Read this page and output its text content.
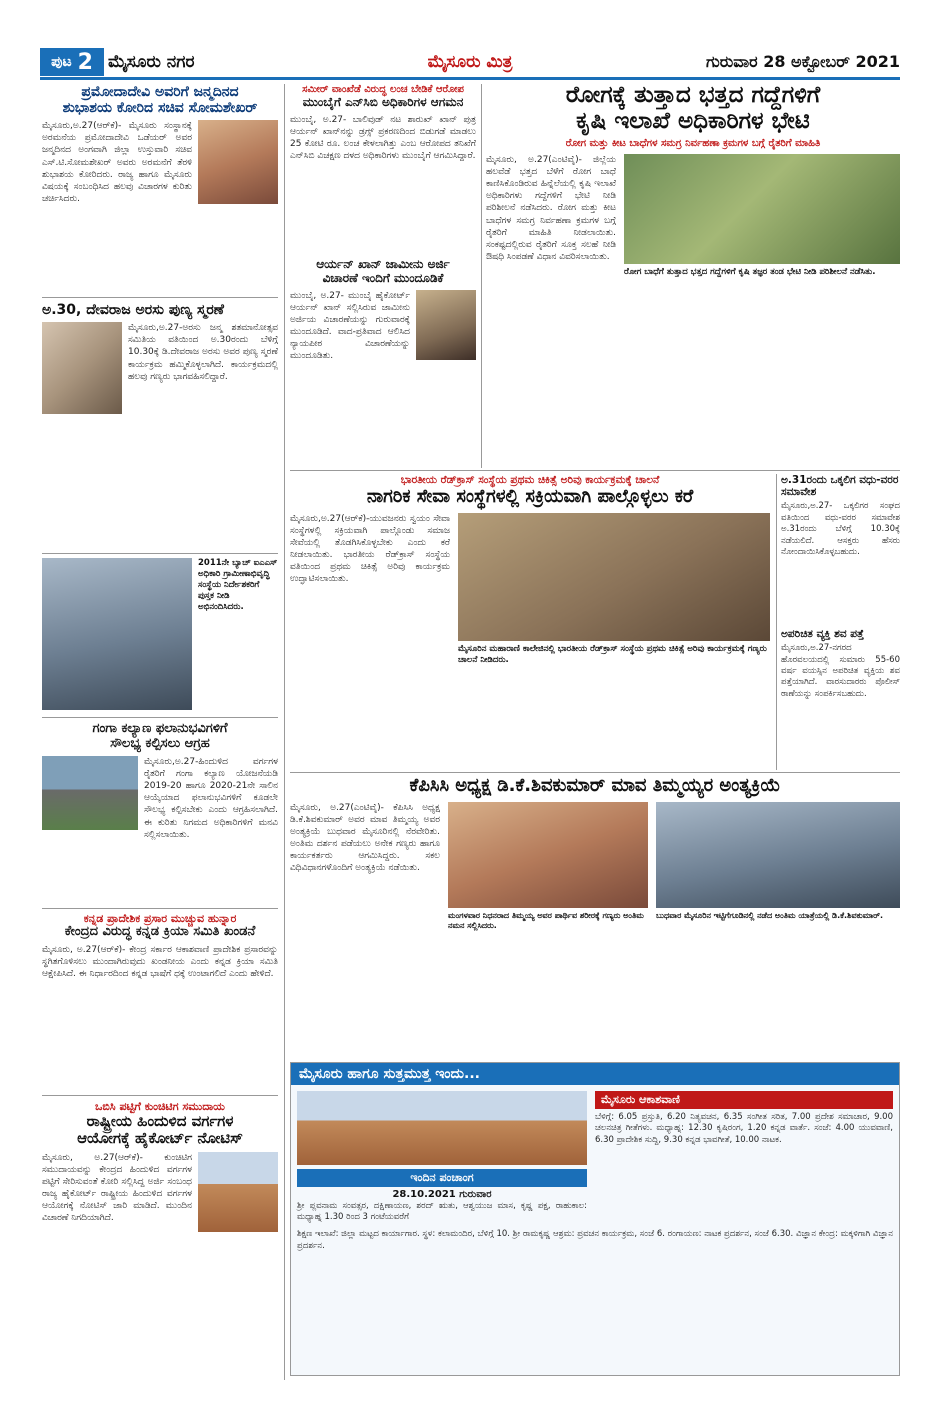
ಪುಟ 2 ಮೈಸೂರು ನಗರ	ಮೈಸೂರು ಮಿತ್ರ	ಗುರುವಾರ 28 ಅಕ್ಟೋಬರ್ 2021
ಪ್ರಮೋದಾದೇವಿ ಅವರಿಗೆ ಜನ್ಮದಿನದ
ಶುಭಾಶಯ ಕೋರಿದ ಸಚಿವ ಸೋಮಶೇಖರ್
ಮೈಸೂರು,ಅ.27(ಆರ್‌ಕೆ)- ಮೈಸೂರು ಸಂಸ್ಥಾನಕ್ಕೆ ಅರಮನೆಯ ಪ್ರಮೋದಾದೇವಿ ಒಡೆಯರ್ ಅವರ ಜನ್ಮದಿನದ ಅಂಗವಾಗಿ ಜಿಲ್ಲಾ ಉಸ್ತುವಾರಿ ಸಚಿವ ಎಸ್.ಟಿ.ಸೋಮಶೇಖರ್ ಅವರು ಅರಮನೆಗೆ ತೆರಳಿ ಶುಭಾಶಯ ಕೋರಿದರು. ರಾಜ್ಯ ಹಾಗೂ ಮೈಸೂರು ವಿಷಯಕ್ಕೆ ಸಂಬಂಧಿಸಿದ ಹಲವು ವಿಚಾರಗಳ ಕುರಿತು ಚರ್ಚಿಸಿದರು.
ಅ.30, ದೇವರಾಜ ಅರಸು ಪುಣ್ಯ ಸ್ಮರಣೆ
ಮೈಸೂರು,ಅ.27-ಅರಸು ಜನ್ಮ ಶತಮಾನೋತ್ಸವ ಸಮಿತಿಯ ವತಿಯಿಂದ ಅ.30ರಂದು ಬೆಳಿಗ್ಗೆ 10.30ಕ್ಕೆ ಡಿ.ದೇವರಾಜ ಅರಸು ಅವರ ಪುಣ್ಯ ಸ್ಮರಣೆ ಕಾರ್ಯಕ್ರಮ ಹಮ್ಮಿಕೊಳ್ಳಲಾಗಿದೆ. ಕಾರ್ಯಕ್ರಮದಲ್ಲಿ ಹಲವು ಗಣ್ಯರು ಭಾಗವಹಿಸಲಿದ್ದಾರೆ.
2011ನೇ ಬ್ಯಾಚ್ ಐಎಎಸ್ ಅಧಿಕಾರಿ ಗ್ರಾಮೀಣಾಭಿವೃದ್ಧಿ ಸಂಸ್ಥೆಯ ನಿರ್ದೇಶಕರಿಗೆ ಪುಸ್ತಕ ನೀಡಿ ಅಭಿನಂದಿಸಿದರು.
ಗಂಗಾ ಕಲ್ಯಾಣ ಫಲಾನುಭವಿಗಳಿಗೆ
ಸೌಲಭ್ಯ ಕಲ್ಪಿಸಲು ಆಗ್ರಹ
ಮೈಸೂರು,ಅ.27-ಹಿಂದುಳಿದ ವರ್ಗಗಳ ರೈತರಿಗೆ ಗಂಗಾ ಕಲ್ಯಾಣ ಯೋಜನೆಯಡಿ 2019-20 ಹಾಗೂ 2020-21ನೇ ಸಾಲಿನ ಆಯ್ಕೆಯಾದ ಫಲಾನುಭವಿಗಳಿಗೆ ಕೂಡಲೇ ಸೌಲಭ್ಯ ಕಲ್ಪಿಸಬೇಕು ಎಂದು ಆಗ್ರಹಿಸಲಾಗಿದೆ. ಈ ಕುರಿತು ನಿಗಮದ ಅಧಿಕಾರಿಗಳಿಗೆ ಮನವಿ ಸಲ್ಲಿಸಲಾಯಿತು.
ಕನ್ನಡ ಪ್ರಾದೇಶಿಕ ಪ್ರಸಾರ ಮುಚ್ಚುವ ಹುನ್ನಾರ
ಕೇಂದ್ರದ ವಿರುದ್ಧ ಕನ್ನಡ ಕ್ರಿಯಾ ಸಮಿತಿ ಖಂಡನೆ
ಮೈಸೂರು, ಅ.27(ಆರ್‌ಕೆ)- ಕೇಂದ್ರ ಸರ್ಕಾರ ಆಕಾಶವಾಣಿ ಪ್ರಾದೇಶಿಕ ಪ್ರಸಾರವನ್ನು ಸ್ಥಗಿತಗೊಳಿಸಲು ಮುಂದಾಗಿರುವುದು ಖಂಡನೀಯ ಎಂದು ಕನ್ನಡ ಕ್ರಿಯಾ ಸಮಿತಿ ಆಕ್ಷೇಪಿಸಿದೆ. ಈ ನಿರ್ಧಾರದಿಂದ ಕನ್ನಡ ಭಾಷೆಗೆ ಧಕ್ಕೆ ಉಂಟಾಗಲಿದೆ ಎಂದು ಹೇಳಿದೆ.
ಒಬಿಸಿ ಪಟ್ಟಿಗೆ ಕುಂಚಿಟಿಗ ಸಮುದಾಯ
ರಾಷ್ಟ್ರೀಯ ಹಿಂದುಳಿದ ವರ್ಗಗಳ
ಆಯೋಗಕ್ಕೆ ಹೈಕೋರ್ಟ್ ನೋಟಿಸ್
ಮೈಸೂರು, ಅ.27(ಆರ್‌ಕೆ)- ಕುಂಚಿಟಿಗ ಸಮುದಾಯವನ್ನು ಕೇಂದ್ರದ ಹಿಂದುಳಿದ ವರ್ಗಗಳ ಪಟ್ಟಿಗೆ ಸೇರಿಸುವಂತೆ ಕೋರಿ ಸಲ್ಲಿಸಿದ್ದ ಅರ್ಜಿ ಸಂಬಂಧ ರಾಜ್ಯ ಹೈಕೋರ್ಟ್ ರಾಷ್ಟ್ರೀಯ ಹಿಂದುಳಿದ ವರ್ಗಗಳ ಆಯೋಗಕ್ಕೆ ನೋಟಿಸ್ ಜಾರಿ ಮಾಡಿದೆ. ಮುಂದಿನ ವಿಚಾರಣೆ ನಿಗದಿಯಾಗಿದೆ.
ಸಮೀರ್ ವಾಂಖೆಡೆ ವಿರುದ್ಧ ಲಂಚ ಬೇಡಿಕೆ ಆರೋಪ
ಮುಂಬೈಗೆ ಎನ್‌ಸಿಬಿ ಅಧಿಕಾರಿಗಳ ಆಗಮನ
ಮುಂಬೈ, ಅ.27- ಬಾಲಿವುಡ್ ನಟ ಶಾರುಖ್ ಖಾನ್ ಪುತ್ರ ಆರ್ಯನ್ ಖಾನ್‌ನನ್ನು ಡ್ರಗ್ಸ್ ಪ್ರಕರಣದಿಂದ ಬಿಡುಗಡೆ ಮಾಡಲು 25 ಕೋಟಿ ರೂ. ಲಂಚ ಕೇಳಲಾಗಿತ್ತು ಎಂಬ ಆರೋಪದ ತನಿಖೆಗೆ ಎನ್‌ಸಿಬಿ ವಿಚಕ್ಷಣ ದಳದ ಅಧಿಕಾರಿಗಳು ಮುಂಬೈಗೆ ಆಗಮಿಸಿದ್ದಾರೆ.
ಆರ್ಯನ್ ಖಾನ್ ಜಾಮೀನು ಅರ್ಜಿ
ವಿಚಾರಣೆ ಇಂದಿಗೆ ಮುಂದೂಡಿಕೆ
ಮುಂಬೈ, ಅ.27- ಮುಂಬೈ ಹೈಕೋರ್ಟ್ ಆರ್ಯನ್ ಖಾನ್ ಸಲ್ಲಿಸಿರುವ ಜಾಮೀನು ಅರ್ಜಿಯ ವಿಚಾರಣೆಯನ್ನು ಗುರುವಾರಕ್ಕೆ ಮುಂದೂಡಿದೆ. ವಾದ-ಪ್ರತಿವಾದ ಆಲಿಸಿದ ನ್ಯಾಯಪೀಠ ವಿಚಾರಣೆಯನ್ನು ಮುಂದೂಡಿತು.
ರೋಗಕ್ಕೆ ತುತ್ತಾದ ಭತ್ತದ ಗದ್ದೆಗಳಿಗೆ
ಕೃಷಿ ಇಲಾಖೆ ಅಧಿಕಾರಿಗಳ ಭೇಟಿ
ರೋಗ ಮತ್ತು ಕೀಟ ಬಾಧೆಗಳ ಸಮಗ್ರ ನಿರ್ವಹಣಾ ಕ್ರಮಗಳ ಬಗ್ಗೆ ರೈತರಿಗೆ ಮಾಹಿತಿ
ಮೈಸೂರು, ಅ.27(ಎಂಟಿವೈ)- ಜಿಲ್ಲೆಯ ಹಲವೆಡೆ ಭತ್ತದ ಬೆಳೆಗೆ ರೋಗ ಬಾಧೆ ಕಾಣಿಸಿಕೊಂಡಿರುವ ಹಿನ್ನೆಲೆಯಲ್ಲಿ ಕೃಷಿ ಇಲಾಖೆ ಅಧಿಕಾರಿಗಳು ಗದ್ದೆಗಳಿಗೆ ಭೇಟಿ ನೀಡಿ ಪರಿಶೀಲನೆ ನಡೆಸಿದರು. ರೋಗ ಮತ್ತು ಕೀಟ ಬಾಧೆಗಳ ಸಮಗ್ರ ನಿರ್ವಹಣಾ ಕ್ರಮಗಳ ಬಗ್ಗೆ ರೈತರಿಗೆ ಮಾಹಿತಿ ನೀಡಲಾಯಿತು. ಸಂಕಷ್ಟದಲ್ಲಿರುವ ರೈತರಿಗೆ ಸೂಕ್ತ ಸಲಹೆ ನೀಡಿ ಔಷಧಿ ಸಿಂಪಡಣೆ ವಿಧಾನ ವಿವರಿಸಲಾಯಿತು.
ರೋಗ ಬಾಧೆಗೆ ತುತ್ತಾದ ಭತ್ತದ ಗದ್ದೆಗಳಿಗೆ ಕೃಷಿ ತಜ್ಞರ ತಂಡ ಭೇಟಿ ನೀಡಿ ಪರಿಶೀಲನೆ ನಡೆಸಿತು.
ಭಾರತೀಯ ರೆಡ್‌ಕ್ರಾಸ್ ಸಂಸ್ಥೆಯ ಪ್ರಥಮ ಚಿಕಿತ್ಸೆ ಅರಿವು ಕಾರ್ಯಕ್ರಮಕ್ಕೆ ಚಾಲನೆ
ನಾಗರಿಕ ಸೇವಾ ಸಂಸ್ಥೆಗಳಲ್ಲಿ ಸಕ್ರಿಯವಾಗಿ ಪಾಲ್ಗೊಳ್ಳಲು ಕರೆ
ಮೈಸೂರು,ಅ.27(ಆರ್‌ಕೆ)-ಯುವಜನರು ಸ್ವಯಂ ಸೇವಾ ಸಂಸ್ಥೆಗಳಲ್ಲಿ ಸಕ್ರಿಯವಾಗಿ ಪಾಲ್ಗೊಂಡು ಸಮಾಜ ಸೇವೆಯಲ್ಲಿ ತೊಡಗಿಸಿಕೊಳ್ಳಬೇಕು ಎಂದು ಕರೆ ನೀಡಲಾಯಿತು. ಭಾರತೀಯ ರೆಡ್‌ಕ್ರಾಸ್ ಸಂಸ್ಥೆಯ ವತಿಯಿಂದ ಪ್ರಥಮ ಚಿಕಿತ್ಸೆ ಅರಿವು ಕಾರ್ಯಕ್ರಮ ಉದ್ಘಾಟಿಸಲಾಯಿತು.
ಮೈಸೂರಿನ ಮಹಾರಾಣಿ ಕಾಲೇಜಿನಲ್ಲಿ ಭಾರತೀಯ ರೆಡ್‌ಕ್ರಾಸ್ ಸಂಸ್ಥೆಯ ಪ್ರಥಮ ಚಿಕಿತ್ಸೆ ಅರಿವು ಕಾರ್ಯಕ್ರಮಕ್ಕೆ ಗಣ್ಯರು ಚಾಲನೆ ನೀಡಿದರು.
ಅ.31ರಂದು ಒಕ್ಕಲಿಗ ವಧು-ವರರ ಸಮಾವೇಶ
ಮೈಸೂರು,ಅ.27- ಒಕ್ಕಲಿಗರ ಸಂಘದ ವತಿಯಿಂದ ವಧು-ವರರ ಸಮಾವೇಶ ಅ.31ರಂದು ಬೆಳಿಗ್ಗೆ 10.30ಕ್ಕೆ ನಡೆಯಲಿದೆ. ಆಸಕ್ತರು ಹೆಸರು ನೋಂದಾಯಿಸಿಕೊಳ್ಳಬಹುದು.
ಅಪರಿಚಿತ ವ್ಯಕ್ತಿ ಶವ ಪತ್ತೆ
ಮೈಸೂರು,ಅ.27-ನಗರದ ಹೊರವಲಯದಲ್ಲಿ ಸುಮಾರು 55-60 ವರ್ಷ ವಯಸ್ಸಿನ ಅಪರಿಚಿತ ವ್ಯಕ್ತಿಯ ಶವ ಪತ್ತೆಯಾಗಿದೆ. ವಾರಸುದಾರರು ಪೊಲೀಸ್ ಠಾಣೆಯನ್ನು ಸಂಪರ್ಕಿಸಬಹುದು.
ಕೆಪಿಸಿಸಿ ಅಧ್ಯಕ್ಷ ಡಿ.ಕೆ.ಶಿವಕುಮಾರ್ ಮಾವ ತಿಮ್ಮಯ್ಯರ ಅಂತ್ಯಕ್ರಿಯೆ
ಮೈಸೂರು, ಅ.27(ಎಂಟಿವೈ)- ಕೆಪಿಸಿಸಿ ಅಧ್ಯಕ್ಷ ಡಿ.ಕೆ.ಶಿವಕುಮಾರ್ ಅವರ ಮಾವ ತಿಮ್ಮಯ್ಯ ಅವರ ಅಂತ್ಯಕ್ರಿಯೆ ಬುಧವಾರ ಮೈಸೂರಿನಲ್ಲಿ ನೆರವೇರಿತು. ಅಂತಿಮ ದರ್ಶನ ಪಡೆಯಲು ಅನೇಕ ಗಣ್ಯರು ಹಾಗೂ ಕಾರ್ಯಕರ್ತರು ಆಗಮಿಸಿದ್ದರು. ಸಕಲ ವಿಧಿವಿಧಾನಗಳೊಂದಿಗೆ ಅಂತ್ಯಕ್ರಿಯೆ ನಡೆಯಿತು.
ಮಂಗಳವಾರ ನಿಧನರಾದ ತಿಮ್ಮಯ್ಯ ಅವರ ಪಾರ್ಥಿವ ಶರೀರಕ್ಕೆ ಗಣ್ಯರು ಅಂತಿಮ ನಮನ ಸಲ್ಲಿಸಿದರು.
ಬುಧವಾರ ಮೈಸೂರಿನ ಇಟ್ಟಿಗೆಗೂಡಿನಲ್ಲಿ ನಡೆದ ಅಂತಿಮ ಯಾತ್ರೆಯಲ್ಲಿ ಡಿ.ಕೆ.ಶಿವಕುಮಾರ್.
ಮೈಸೂರು ಹಾಗೂ ಸುತ್ತಮುತ್ತ ಇಂದು...
ಇಂದಿನ ಪಂಚಾಂಗ
28.10.2021 ಗುರುವಾರ
ಶ್ರೀ ಪ್ಲವನಾಮ ಸಂವತ್ಸರ, ದಕ್ಷಿಣಾಯಣ, ಶರದ್ ಋತು, ಆಶ್ವಯುಜ ಮಾಸ, ಕೃಷ್ಣ ಪಕ್ಷ, ರಾಹುಕಾಲ: ಮಧ್ಯಾಹ್ನ 1.30 ರಿಂದ 3 ಗಂಟೆಯವರೆಗೆ
ಮೈಸೂರು ಆಕಾಶವಾಣಿ
ಬೆಳಿಗ್ಗೆ: 6.05 ಪ್ರಸ್ತುತಿ, 6.20 ನಿತ್ಯವಚನ, 6.35 ಸಂಗೀತ ಸರಿತ, 7.00 ಪ್ರದೇಶ ಸಮಾಚಾರ, 9.00 ಚಲನಚಿತ್ರ ಗೀತೆಗಳು. ಮಧ್ಯಾಹ್ನ: 12.30 ಕೃಷಿರಂಗ, 1.20 ಕನ್ನಡ ವಾರ್ತೆ. ಸಂಜೆ: 4.00 ಯುವವಾಣಿ, 6.30 ಪ್ರಾದೇಶಿಕ ಸುದ್ದಿ, 9.30 ಕನ್ನಡ ಭಾವಗೀತೆ, 10.00 ನಾಟಕ.
ಶಿಕ್ಷಣ ಇಲಾಖೆ: ಜಿಲ್ಲಾ ಮಟ್ಟದ ಕಾರ್ಯಾಗಾರ. ಸ್ಥಳ: ಕಲಾಮಂದಿರ, ಬೆಳಿಗ್ಗೆ 10. ಶ್ರೀ ರಾಮಕೃಷ್ಣ ಆಶ್ರಮ: ಪ್ರವಚನ ಕಾರ್ಯಕ್ರಮ, ಸಂಜೆ 6. ರಂಗಾಯಣ: ನಾಟಕ ಪ್ರದರ್ಶನ, ಸಂಜೆ 6.30. ವಿಜ್ಞಾನ ಕೇಂದ್ರ: ಮಕ್ಕಳಿಗಾಗಿ ವಿಜ್ಞಾನ ಪ್ರದರ್ಶನ.
